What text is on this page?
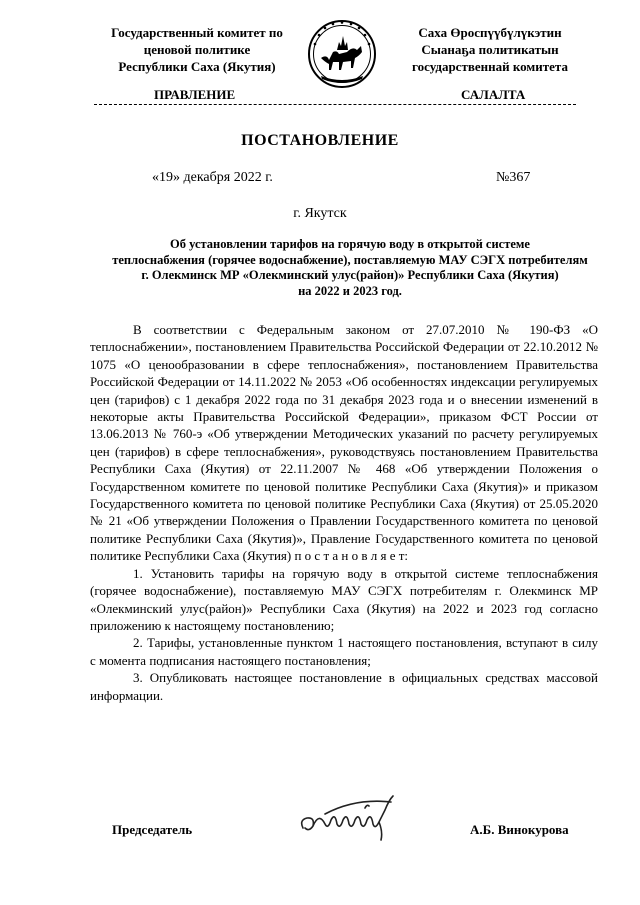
Государственный комитет по
ценовой политике
Республики Саха (Якутия)
Саха Өроспүүбүлүкэтин
Сыанаҕа политикатын
государственнай комитета
ПРАВЛЕНИЕ	САЛАЛТА
ПОСТАНОВЛЕНИЕ
«19» декабря 2022 г.	№367
г. Якутск
Об установлении тарифов на горячую воду в открытой системе
теплоснабжения (горячее водоснабжение), поставляемую МАУ СЭГХ потребителям
г. Олекминск МР «Олекминский улус(район)» Республики Саха (Якутия)
на 2022 и 2023 год.

В соответствии с Федеральным законом от 27.07.2010 № 190-ФЗ «О теплоснабжении», постановлением Правительства Российской Федерации от 22.10.2012 № 1075 «О ценообразовании в сфере теплоснабжения», постановлением Правительства Российской Федерации от 14.11.2022 № 2053 «Об особенностях индексации регулируемых цен (тарифов) с 1 декабря 2022 года по 31 декабря 2023 года и о внесении изменений в некоторые акты Правительства Российской Федерации», приказом ФСТ России от 13.06.2013 № 760-э «Об утверждении Методических указаний по расчету регулируемых цен (тарифов) в сфере теплоснабжения», руководствуясь постановлением Правительства Республики Саха (Якутия) от 22.11.2007 № 468 «Об утверждении Положения о Государственном комитете по ценовой политике Республики Саха (Якутия)» и приказом Государственного комитета по ценовой политике Республики Саха (Якутия) от 25.05.2020 № 21 «Об утверждении Положения о Правлении Государственного комитета по ценовой политике Республики Саха (Якутия)», Правление Государственного комитета по ценовой политике Республики Саха (Якутия) п о с т а н о в л я е т:

1. Установить тарифы на горячую воду в открытой системе теплоснабжения (горячее водоснабжение), поставляемую МАУ СЭГХ потребителям г. Олекминск МР «Олекминский улус(район)» Республики Саха (Якутия) на 2022 и 2023 год согласно приложению к настоящему постановлению;

2. Тарифы, установленные пунктом 1 настоящего постановления, вступают в силу с момента подписания настоящего постановления;

3. Опубликовать настоящее постановление в официальных средствах массовой информации.

Председатель	А.Б. Винокурова
